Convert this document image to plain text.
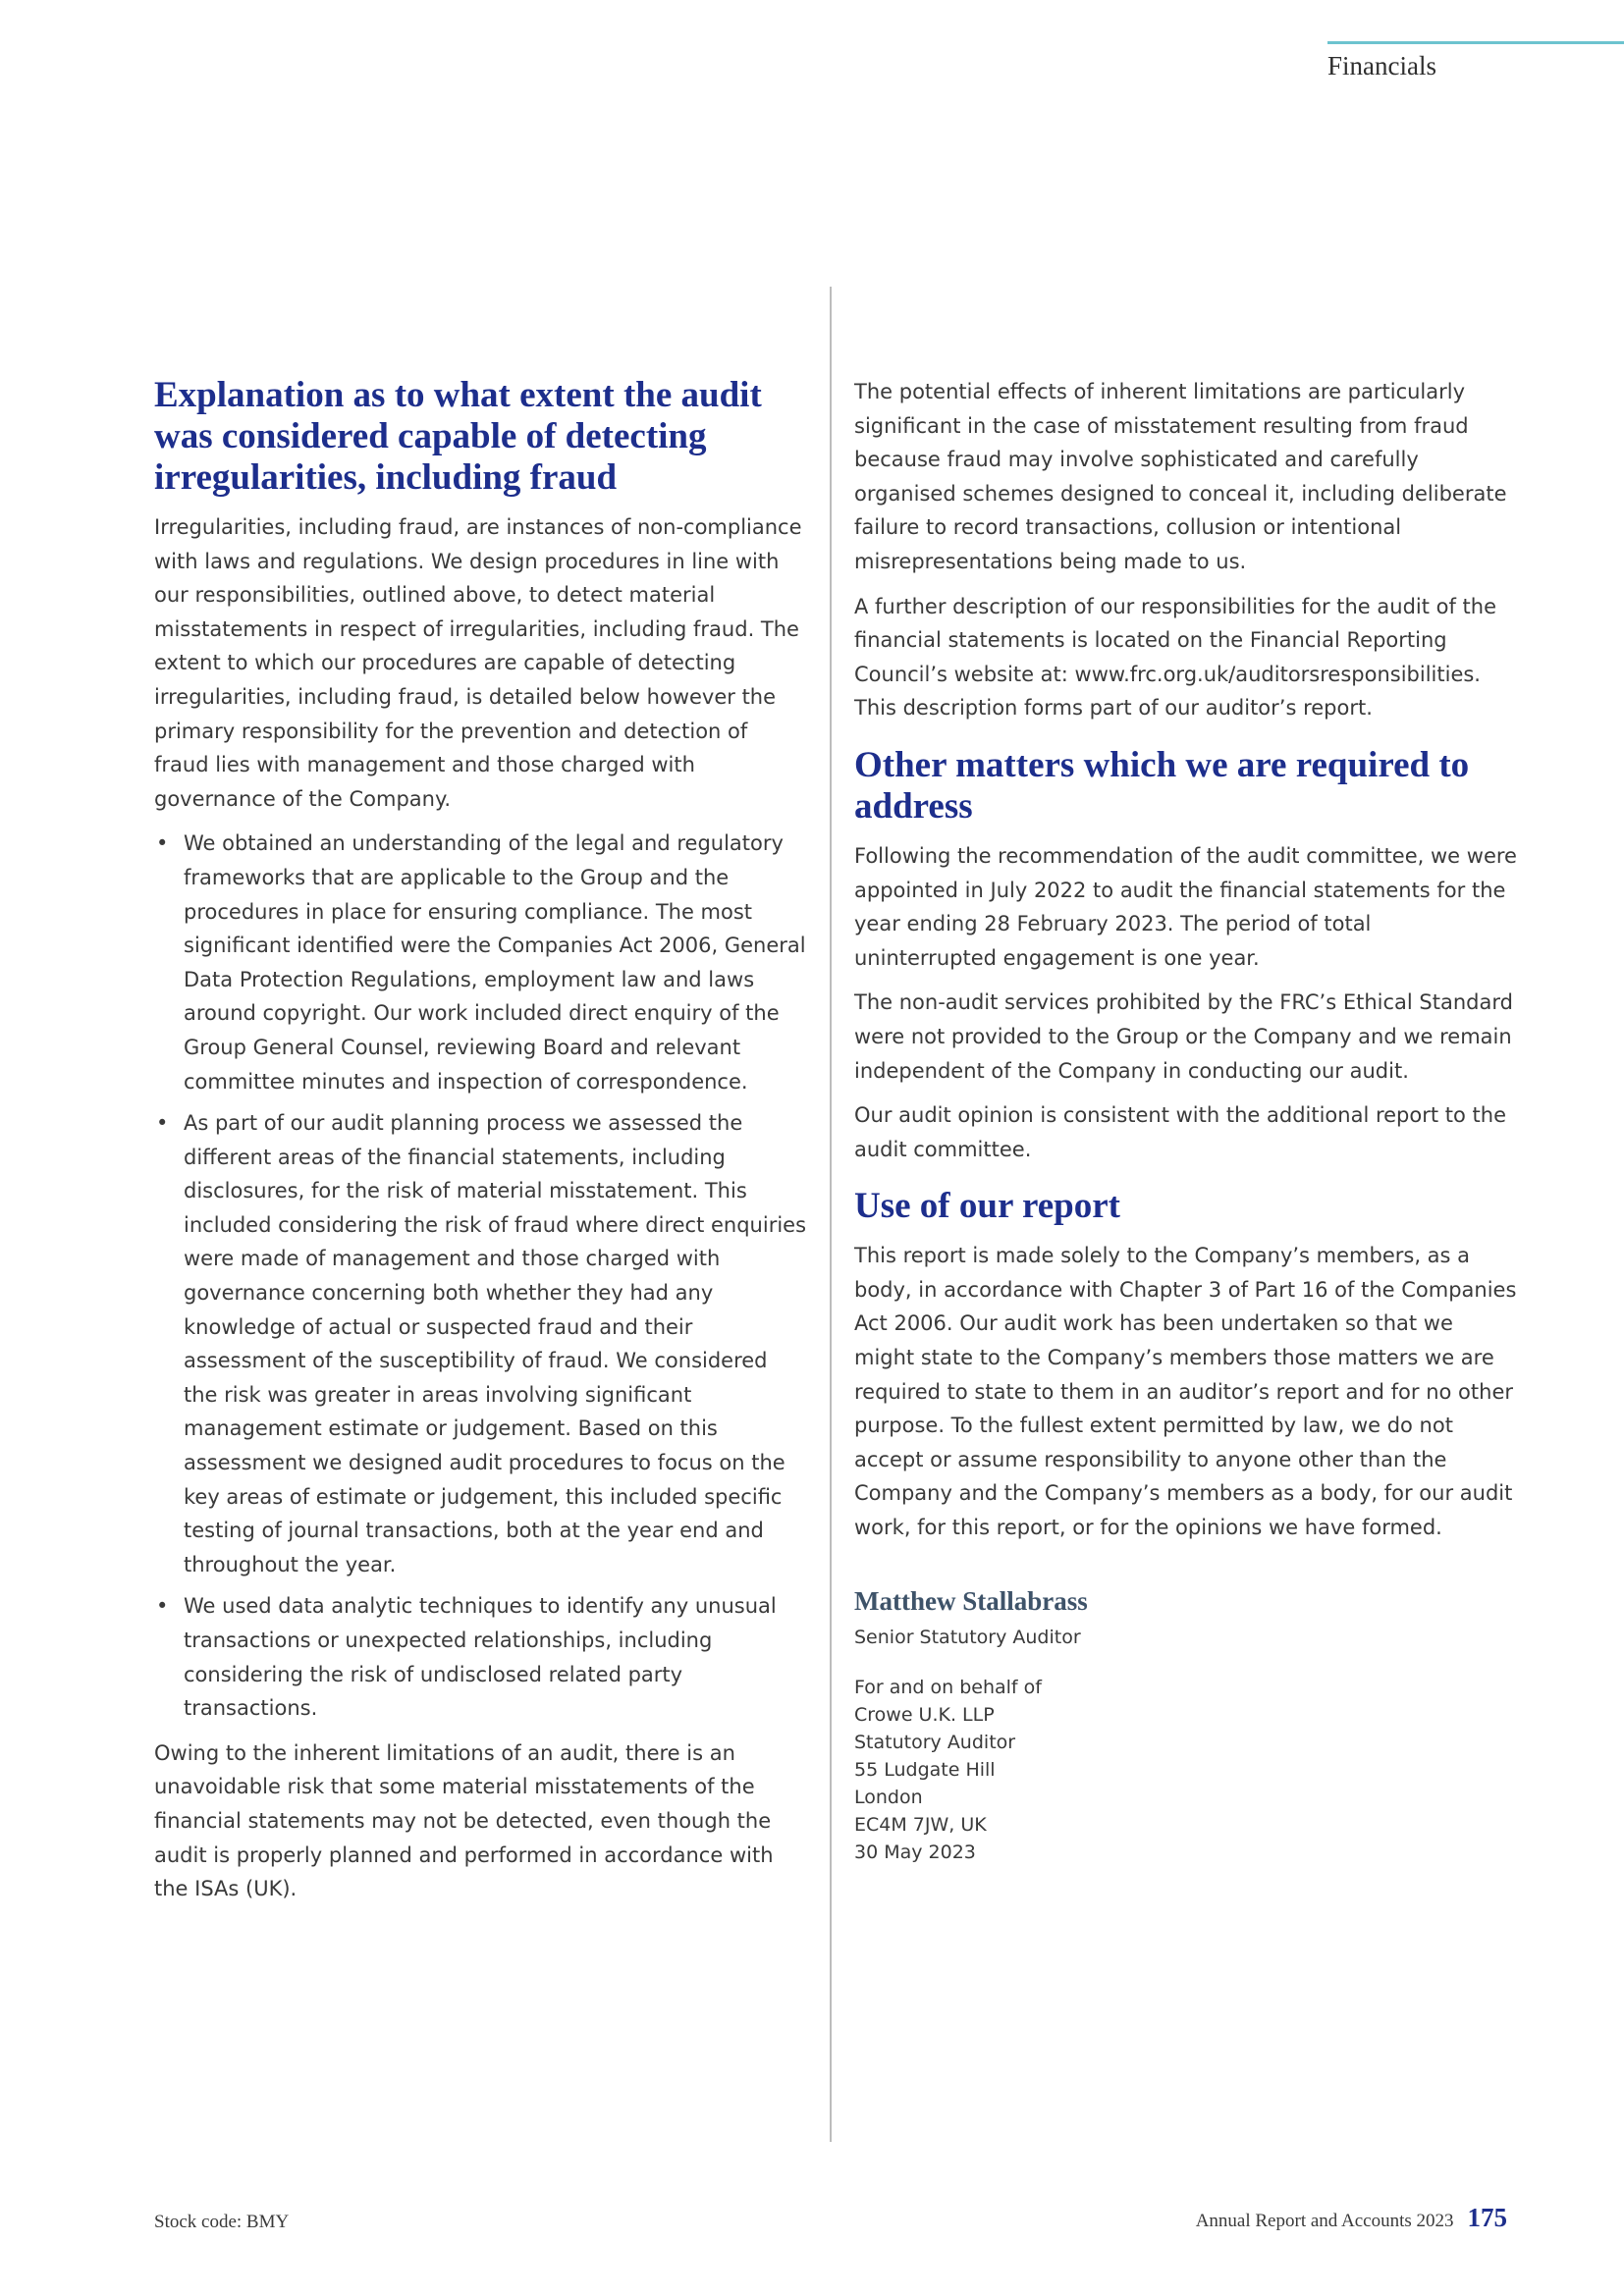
Financials
Explanation as to what extent the audit was considered capable of detecting irregularities, including fraud

Irregularities, including fraud, are instances of non-compliance with laws and regulations. We design procedures in line with our responsibilities, outlined above, to detect material misstatements in respect of irregularities, including fraud. The extent to which our procedures are capable of detecting irregularities, including fraud, is detailed below however the primary responsibility for the prevention and detection of fraud lies with management and those charged with governance of the Company.

• We obtained an understanding of the legal and regulatory frameworks that are applicable to the Group and the procedures in place for ensuring compliance. The most significant identified were the Companies Act 2006, General Data Protection Regulations, employment law and laws around copyright. Our work included direct enquiry of the Group General Counsel, reviewing Board and relevant committee minutes and inspection of correspondence.
• As part of our audit planning process we assessed the different areas of the financial statements, including disclosures, for the risk of material misstatement. This included considering the risk of fraud where direct enquiries were made of management and those charged with governance concerning both whether they had any knowledge of actual or suspected fraud and their assessment of the susceptibility of fraud. We considered the risk was greater in areas involving significant management estimate or judgement. Based on this assessment we designed audit procedures to focus on the key areas of estimate or judgement, this included specific testing of journal transactions, both at the year end and throughout the year.
• We used data analytic techniques to identify any unusual transactions or unexpected relationships, including considering the risk of undisclosed related party transactions.

Owing to the inherent limitations of an audit, there is an unavoidable risk that some material misstatements of the financial statements may not be detected, even though the audit is properly planned and performed in accordance with the ISAs (UK).

The potential effects of inherent limitations are particularly significant in the case of misstatement resulting from fraud because fraud may involve sophisticated and carefully organised schemes designed to conceal it, including deliberate failure to record transactions, collusion or intentional misrepresentations being made to us.

A further description of our responsibilities for the audit of the financial statements is located on the Financial Reporting Council’s website at: www.frc.org.uk/auditorsresponsibilities.
This description forms part of our auditor’s report.

Other matters which we are required to address

Following the recommendation of the audit committee, we were appointed in July 2022 to audit the financial statements for the year ending 28 February 2023. The period of total uninterrupted engagement is one year.

The non-audit services prohibited by the FRC’s Ethical Standard were not provided to the Group or the Company and we remain independent of the Company in conducting our audit.

Our audit opinion is consistent with the additional report to the audit committee.

Use of our report

This report is made solely to the Company’s members, as a body, in accordance with Chapter 3 of Part 16 of the Companies Act 2006. Our audit work has been undertaken so that we might state to the Company’s members those matters we are required to state to them in an auditor’s report and for no other purpose. To the fullest extent permitted by law, we do not accept or assume responsibility to anyone other than the Company and the Company’s members as a body, for our audit work, for this report, or for the opinions we have formed.

Matthew Stallabrass

Senior Statutory Auditor

For and on behalf of

Crowe U.K. LLP

Statutory Auditor

55 Ludgate Hill

London

EC4M 7JW, UK

30 May 2023

Stock code: BMY	Annual Report and Accounts 2023 175
